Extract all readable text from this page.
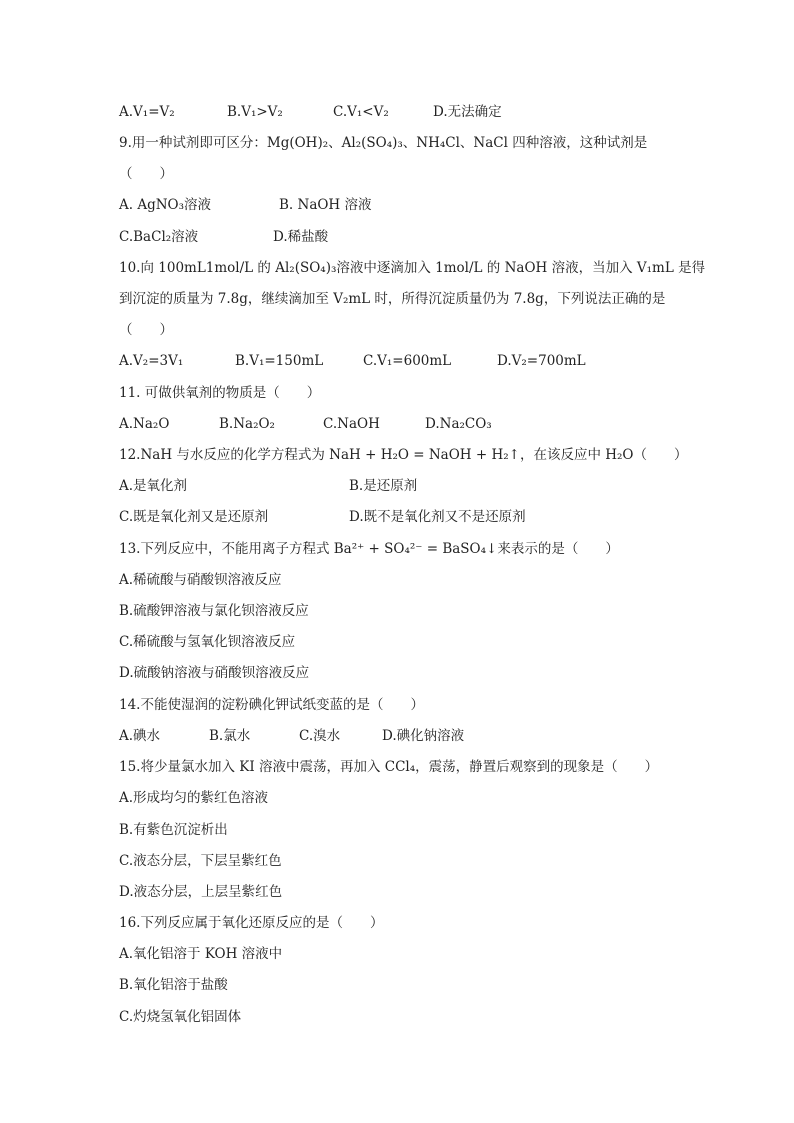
A.V₁=V₂	B.V₁>V₂	C.V₁<V₂	D.无法确定
9.用一种试剂即可区分：Mg(OH)₂、Al₂(SO₄)₃、NH₄Cl、NaCl 四种溶液，这种试剂是
（　　）
A. AgNO₃溶液	B. NaOH 溶液
C.BaCl₂溶液	D.稀盐酸
10.向 100mL1mol/L 的 Al₂(SO₄)₃溶液中逐滴加入 1mol/L 的 NaOH 溶液，当加入 V₁mL 是得
到沉淀的质量为 7.8g，继续滴加至 V₂mL 时，所得沉淀质量仍为 7.8g，下列说法正确的是
（　　）
A.V₂=3V₁	B.V₁=150mL	C.V₁=600mL	D.V₂=700mL
11. 可做供氧剂的物质是（　　）
A.Na₂O	B.Na₂O₂	C.NaOH	D.Na₂CO₃
12.NaH 与水反应的化学方程式为 NaH + H₂O = NaOH + H₂↑，在该反应中 H₂O（　　）
A.是氧化剂	B.是还原剂
C.既是氧化剂又是还原剂	D.既不是氧化剂又不是还原剂
13.下列反应中，不能用离子方程式 Ba²⁺ + SO₄²⁻ = BaSO₄↓来表示的是（　　）
A.稀硫酸与硝酸钡溶液反应
B.硫酸钾溶液与氯化钡溶液反应
C.稀硫酸与氢氧化钡溶液反应
D.硫酸钠溶液与硝酸钡溶液反应
14.不能使湿润的淀粉碘化钾试纸变蓝的是（　　）
A.碘水	B.氯水	C.溴水	D.碘化钠溶液
15.将少量氯水加入 KI 溶液中震荡，再加入 CCl₄，震荡，静置后观察到的现象是（　　）
A.形成均匀的紫红色溶液
B.有紫色沉淀析出
C.液态分层，下层呈紫红色
D.液态分层，上层呈紫红色
16.下列反应属于氧化还原反应的是（　　）
A.氧化铝溶于 KOH 溶液中
B.氧化铝溶于盐酸
C.灼烧氢氧化铝固体
